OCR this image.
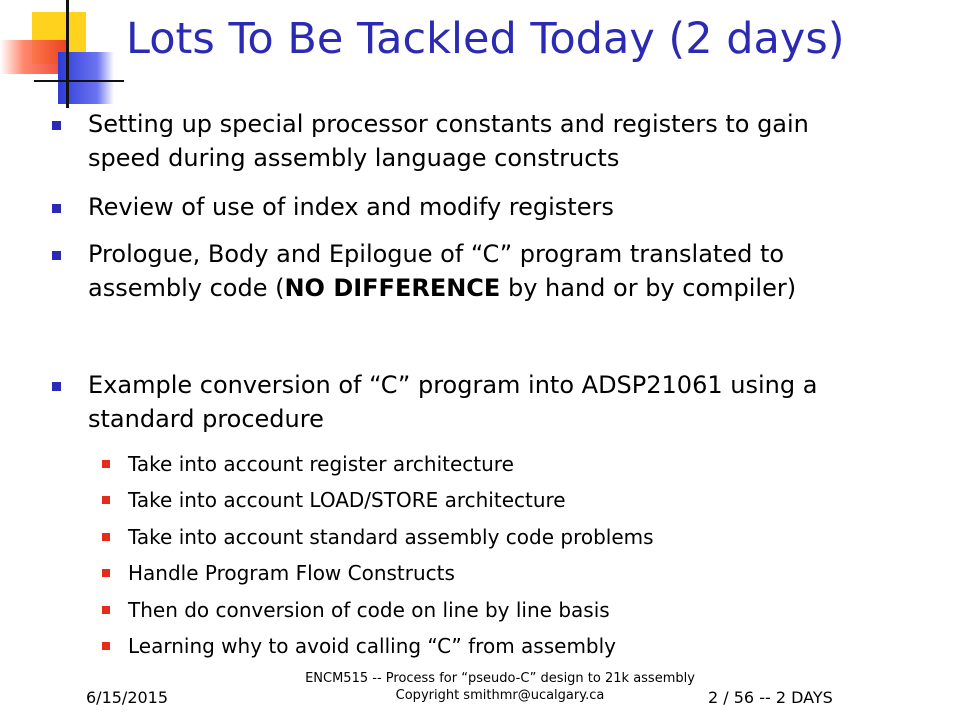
Lots To Be Tackled Today (2 days)
Setting up special processor constants and registers to gain
speed during assembly language constructs
Review of use of index and modify registers
Prologue, Body and Epilogue of “C” program translated to
assembly code (NO DIFFERENCE by hand or by compiler)
Example conversion of “C” program into ADSP21061 using a
standard procedure
Take into account register architecture
Take into account LOAD/STORE architecture
Take into account standard assembly code problems
Handle Program Flow Constructs
Then do conversion of code on line by line basis
Learning why to avoid calling “C” from assembly
6/15/2015
ENCM515 -- Process for “pseudo-C” design to 21k assembly
Copyright smithmr@ucalgary.ca	2 / 56 -- 2 DAYS
